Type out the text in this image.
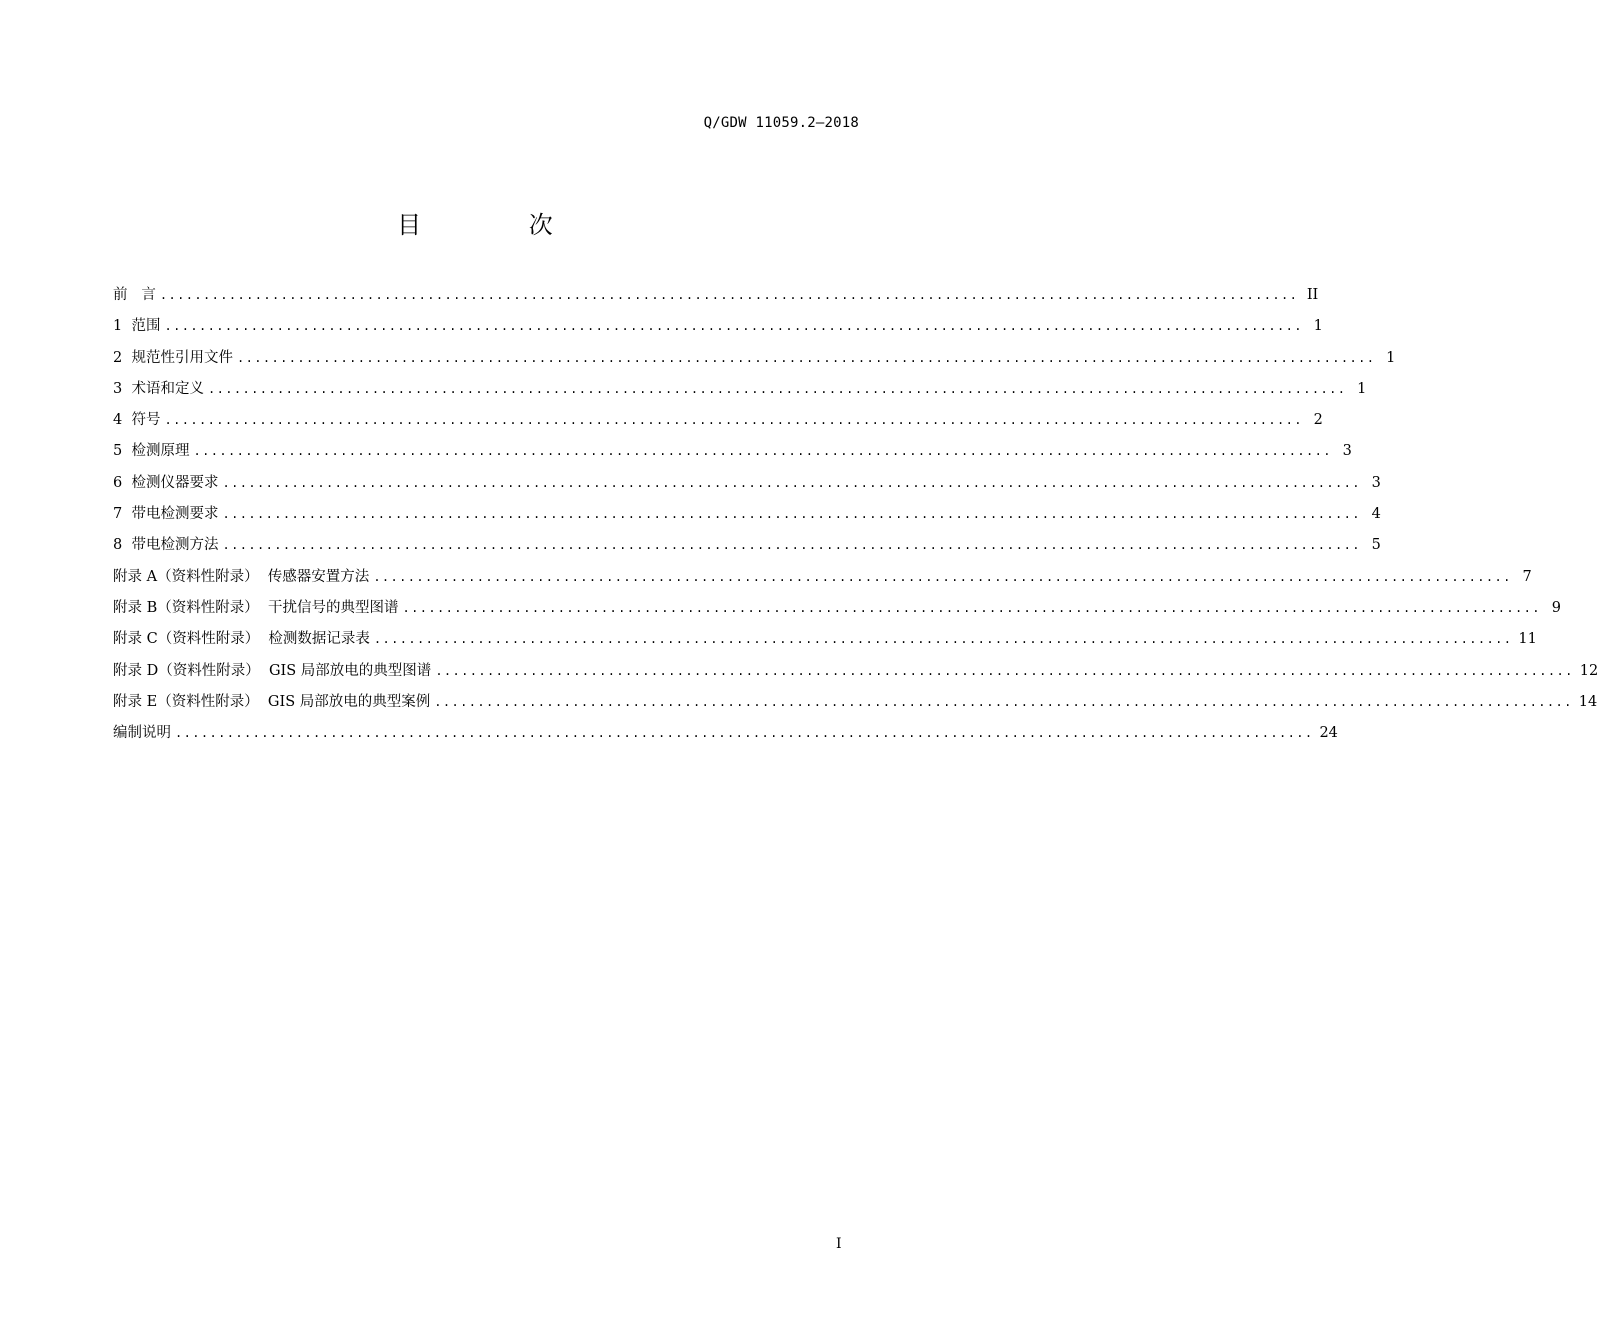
Q/GDW 11059.2—2018
目 次
前   言 .................................................................................................................................... II
1  范围 .................................................................................................................................... 1
2  规范性引用文件 .................................................................................................................................... 1
3  术语和定义 .................................................................................................................................... 1
4  符号 .................................................................................................................................... 2
5  检测原理 .................................................................................................................................... 3
6  检测仪器要求 .................................................................................................................................... 3
7  带电检测要求 .................................................................................................................................... 4
8  带电检测方法 .................................................................................................................................... 5
附录 A（资料性附录）  传感器安置方法 .................................................................................................................................... 7
附录 B（资料性附录）  干扰信号的典型图谱 .................................................................................................................................... 9
附录 C（资料性附录）  检测数据记录表 .................................................................................................................................... 11
附录 D（资料性附录）  GIS 局部放电的典型图谱 .................................................................................................................................... 12
附录 E（资料性附录）  GIS 局部放电的典型案例 .................................................................................................................................... 14
编制说明 .................................................................................................................................... 24
I
